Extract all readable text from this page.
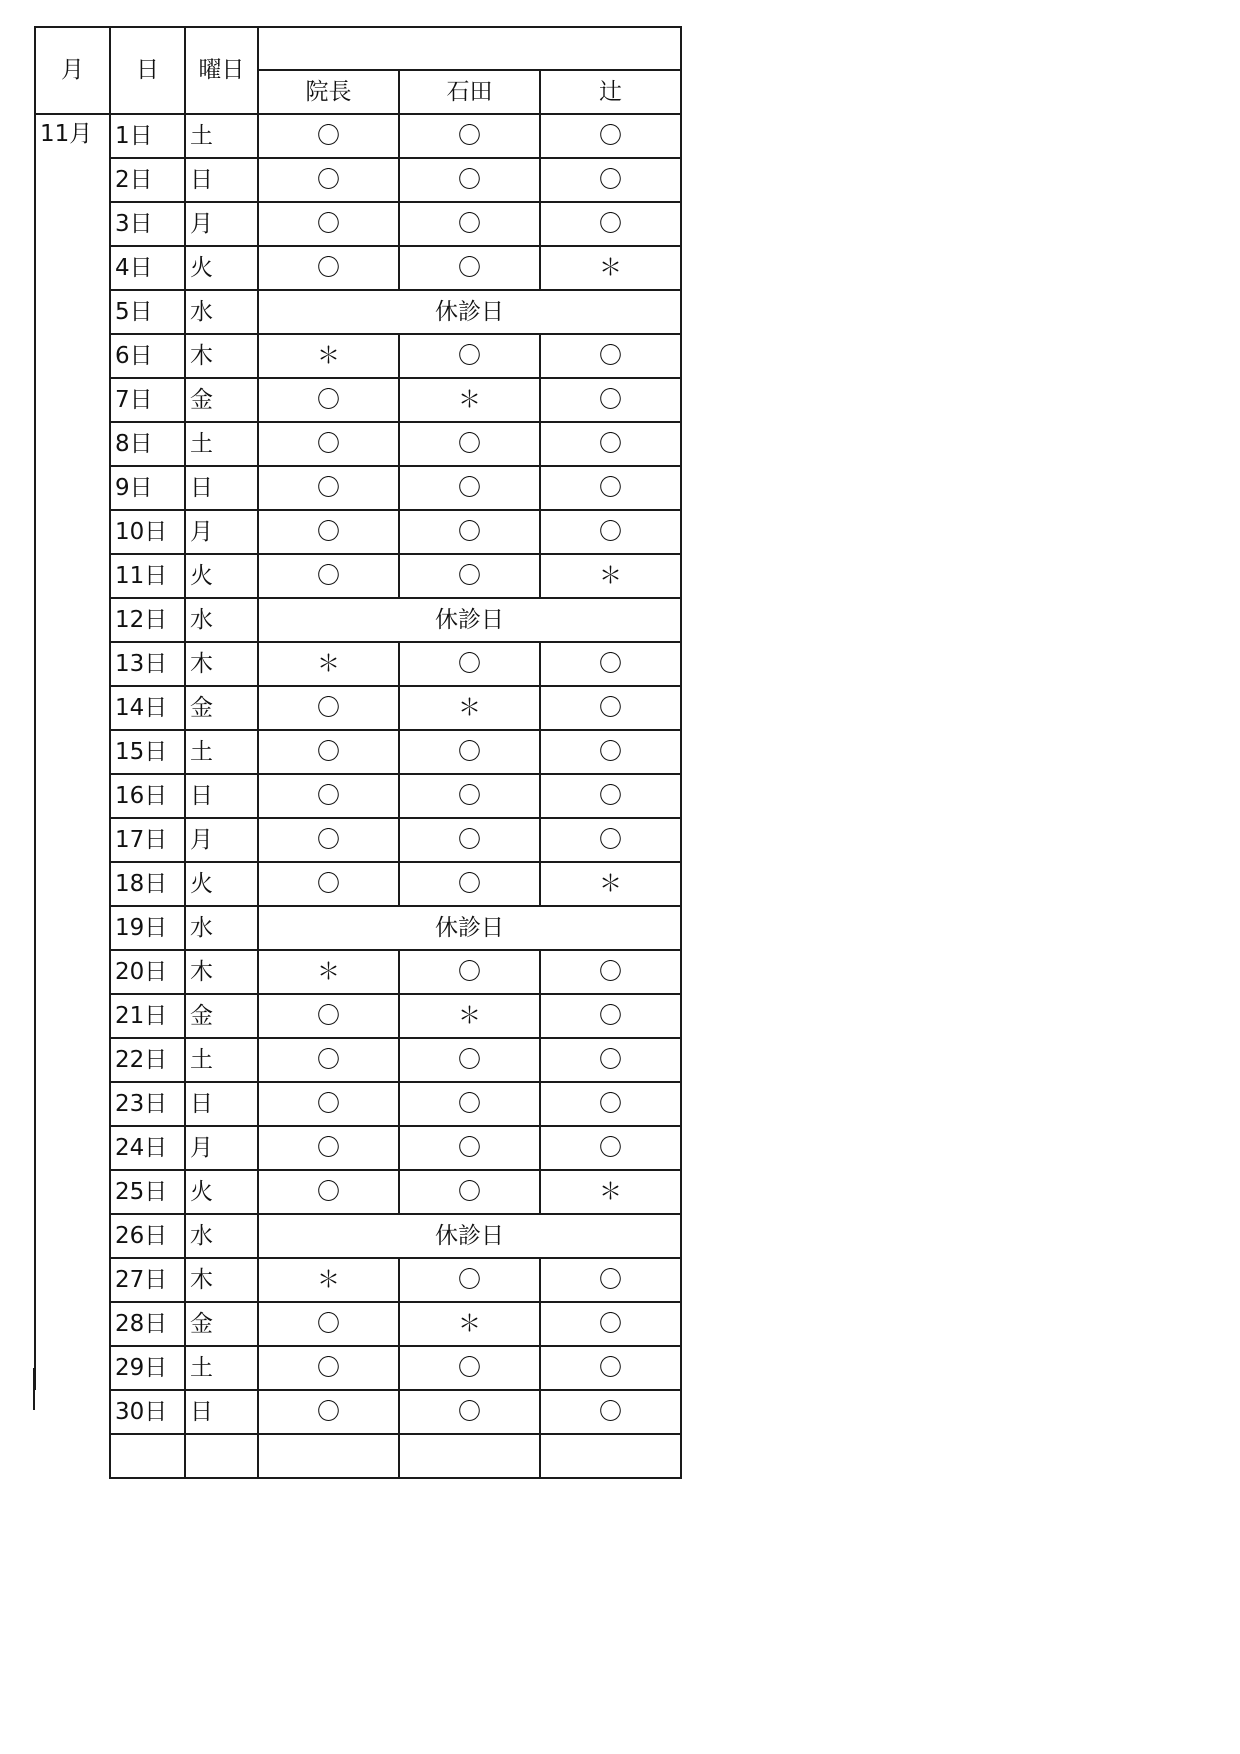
月	日	曜日			
			院長	石田	辻
11月	1日	土	〇	〇	〇
	2日	日	〇	〇	〇
	3日	月	〇	〇	〇
	4日	火	〇	〇	＊
	5日	水	休診日		
	6日	木	＊	〇	〇
	7日	金	〇	＊	〇
	8日	土	〇	〇	〇
	9日	日	〇	〇	〇
	10日	月	〇	〇	〇
	11日	火	〇	〇	＊
	12日	水	休診日		
	13日	木	＊	〇	〇
	14日	金	〇	＊	〇
	15日	土	〇	〇	〇
	16日	日	〇	〇	〇
	17日	月	〇	〇	〇
	18日	火	〇	〇	＊
	19日	水	休診日		
	20日	木	＊	〇	〇
	21日	金	〇	＊	〇
	22日	土	〇	〇	〇
	23日	日	〇	〇	〇
	24日	月	〇	〇	〇
	25日	火	〇	〇	＊
	26日	水	休診日		
	27日	木	＊	〇	〇
	28日	金	〇	＊	〇
	29日	土	〇	〇	〇
	30日	日	〇	〇	〇
